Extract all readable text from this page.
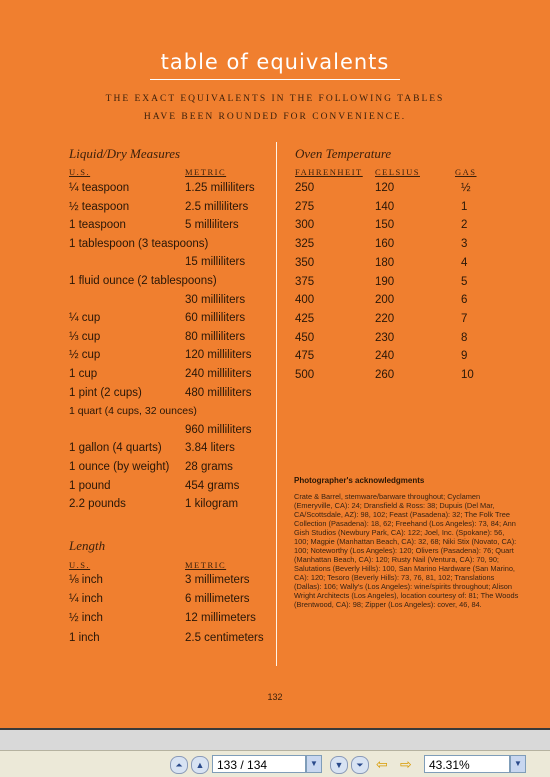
table of equivalents
THE EXACT EQUIVALENTS IN THE FOLLOWING TABLES
HAVE BEEN ROUNDED FOR CONVENIENCE.
Liquid/Dry Measures
U.S.	METRIC
¼ teaspoon	1.25 milliliters
½ teaspoon	2.5 milliliters
1 teaspoon	5 milliliters
1 tablespoon (3 teaspoons)
15 milliliters
1 fluid ounce (2 tablespoons)
30 milliliters
¼ cup	60 milliliters
⅓ cup	80 milliliters
½ cup	120 milliliters
1 cup	240 milliliters
1 pint (2 cups)	480 milliliters
1 quart (4 cups, 32 ounces)
960 milliliters
1 gallon (4 quarts) 3.84 liters
1 ounce (by weight) 28 grams
1 pound	454 grams
2.2 pounds	1 kilogram
Length
U.S.	METRIC
⅛ inch	3 millimeters
¼ inch	6 millimeters
½ inch	12 millimeters
1 inch	2.5 centimeters
Oven Temperature
FAHRENHEIT CELSIUS	GAS
250	120	½
275	140	1
300	150	2
325	160	3
350	180	4
375	190	5
400	200	6
425	220	7
450	230	8
475	240	9
500	260	10
Photographer's acknowledgments
Crate & Barrel, stemware/barware throughout; Cyclamen (Emeryville, CA): 24; Dransfield & Ross: 38; Dupuis (Del Mar, CA/Scottsdale, AZ): 98, 102; Feast (Pasadena): 32; The Folk Tree Collection (Pasadena): 18, 62; Freehand (Los Angeles): 73, 84; Ann Gish Studios (Newbury Park, CA): 122; Joel, Inc. (Spokane): 56, 100; Magpie (Manhattan Beach, CA): 32, 68; Niki Stix (Novato, CA): 100; Noteworthy (Los Angeles): 120; Olivers (Pasadena): 76; Quart (Manhattan Beach, CA): 120; Rusty Nail (Ventura, CA): 70, 90; Salutations (Beverly Hills): 100, San Marino Hardware (San Marino, CA): 120; Tesoro (Beverly Hills): 73, 76, 81, 102; Translations (Dallas): 106; Wally's (Los Angeles): wine/spirits throughout; Alison Wright Architects (Los Angeles), location courtesy of: 81; The Woods (Brentwood, CA): 98; Zipper (Los Angeles): cover, 46, 84.
132
⏶	▲	133 / 134	▼	▼	⏷ ⇦ ⇨	43.31%	▼
